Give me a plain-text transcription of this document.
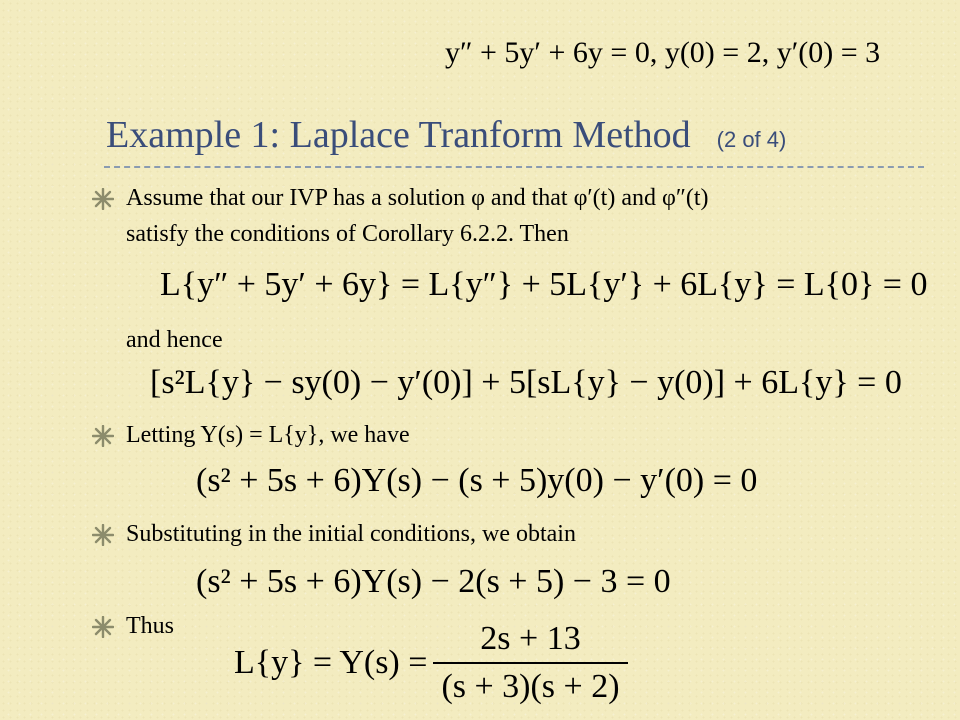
y″ + 5y′ + 6y = 0, y(0) = 2, y′(0) = 3
Example 1: Laplace Tranform Method (2 of 4)
Assume that our IVP has a solution φ and that φ′(t) and φ″(t)
satisfy the conditions of Corollary 6.2.2. Then
L{y″ + 5y′ + 6y} = L{y″} + 5L{y′} + 6L{y} = L{0} = 0
and hence
[s²L{y} − sy(0) − y′(0)] + 5[sL{y} − y(0)] + 6L{y} = 0
Letting Y(s) = L{y}, we have
(s² + 5s + 6)Y(s) − (s + 5)y(0) − y′(0) = 0
Substituting in the initial conditions, we obtain
(s² + 5s + 6)Y(s) − 2(s + 5) − 3 = 0
Thus
$L\{y\} = Y(s) = \frac{2s + 13}{(s + 3)(s + 2)}$
